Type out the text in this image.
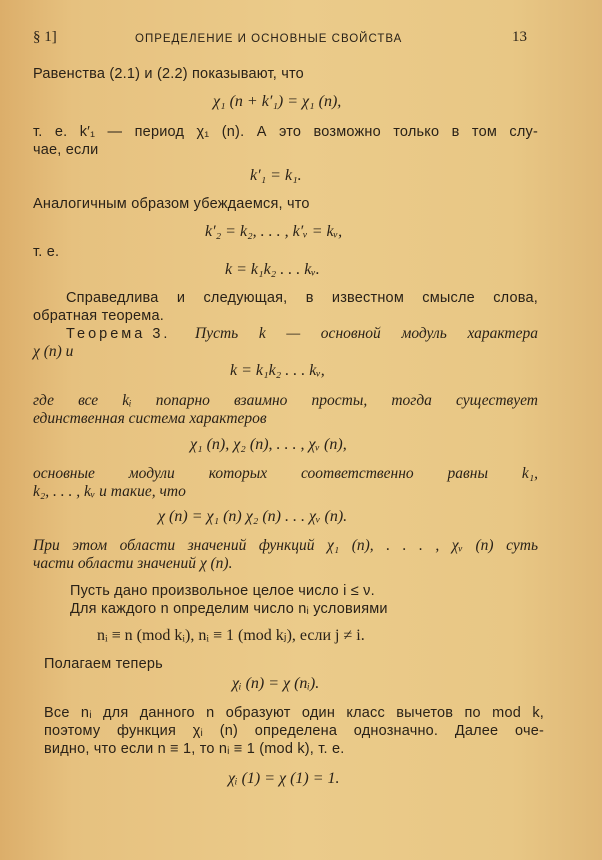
§ 1]	ОПРЕДЕЛЕНИЕ И ОСНОВНЫЕ СВОЙСТВА	13
Равенства (2.1) и (2.2) показывают, что
χ₁ (n + k′₁) = χ₁ (n),
т. е. k′₁ — период χ₁ (n). А это возможно только в том слу-
чае, если
k′₁ = k₁.
Аналогичным образом убеждаемся, что
k′₂ = k₂, . . . , k′ᵥ = kᵥ,
т. е.
k = k₁k₂ . . . kᵥ.
Справедлива и следующая, в известном смысле слова,
обратная теорема.
Теорема 3. Пусть k — основной модуль характера
χ (n) и
k = k₁k₂ . . . kᵥ,
где все kᵢ попарно взаимно просты, тогда существует
единственная система характеров
χ₁ (n), χ₂ (n), . . . , χᵥ (n),
основные модули которых соответственно равны k₁,
k₂, . . . , kᵥ и такие, что
χ (n) = χ₁ (n) χ₂ (n) . . . χᵥ (n).
При этом области значений функций χ₁ (n), . . . , χᵥ (n) суть
части области значений χ (n).
Пусть дано произвольное целое число i ≤ ν.
Для каждого n определим число nᵢ условиями
nᵢ ≡ n (mod kᵢ), nᵢ ≡ 1 (mod kⱼ), если j ≠ i.
Полагаем теперь
χᵢ (n) = χ (nᵢ).
Все nᵢ для данного n образуют один класс вычетов по mod k,
поэтому функция χᵢ (n) определена однозначно. Далее оче-
видно, что если n ≡ 1, то nᵢ ≡ 1 (mod k), т. е.
χᵢ (1) = χ (1) = 1.
